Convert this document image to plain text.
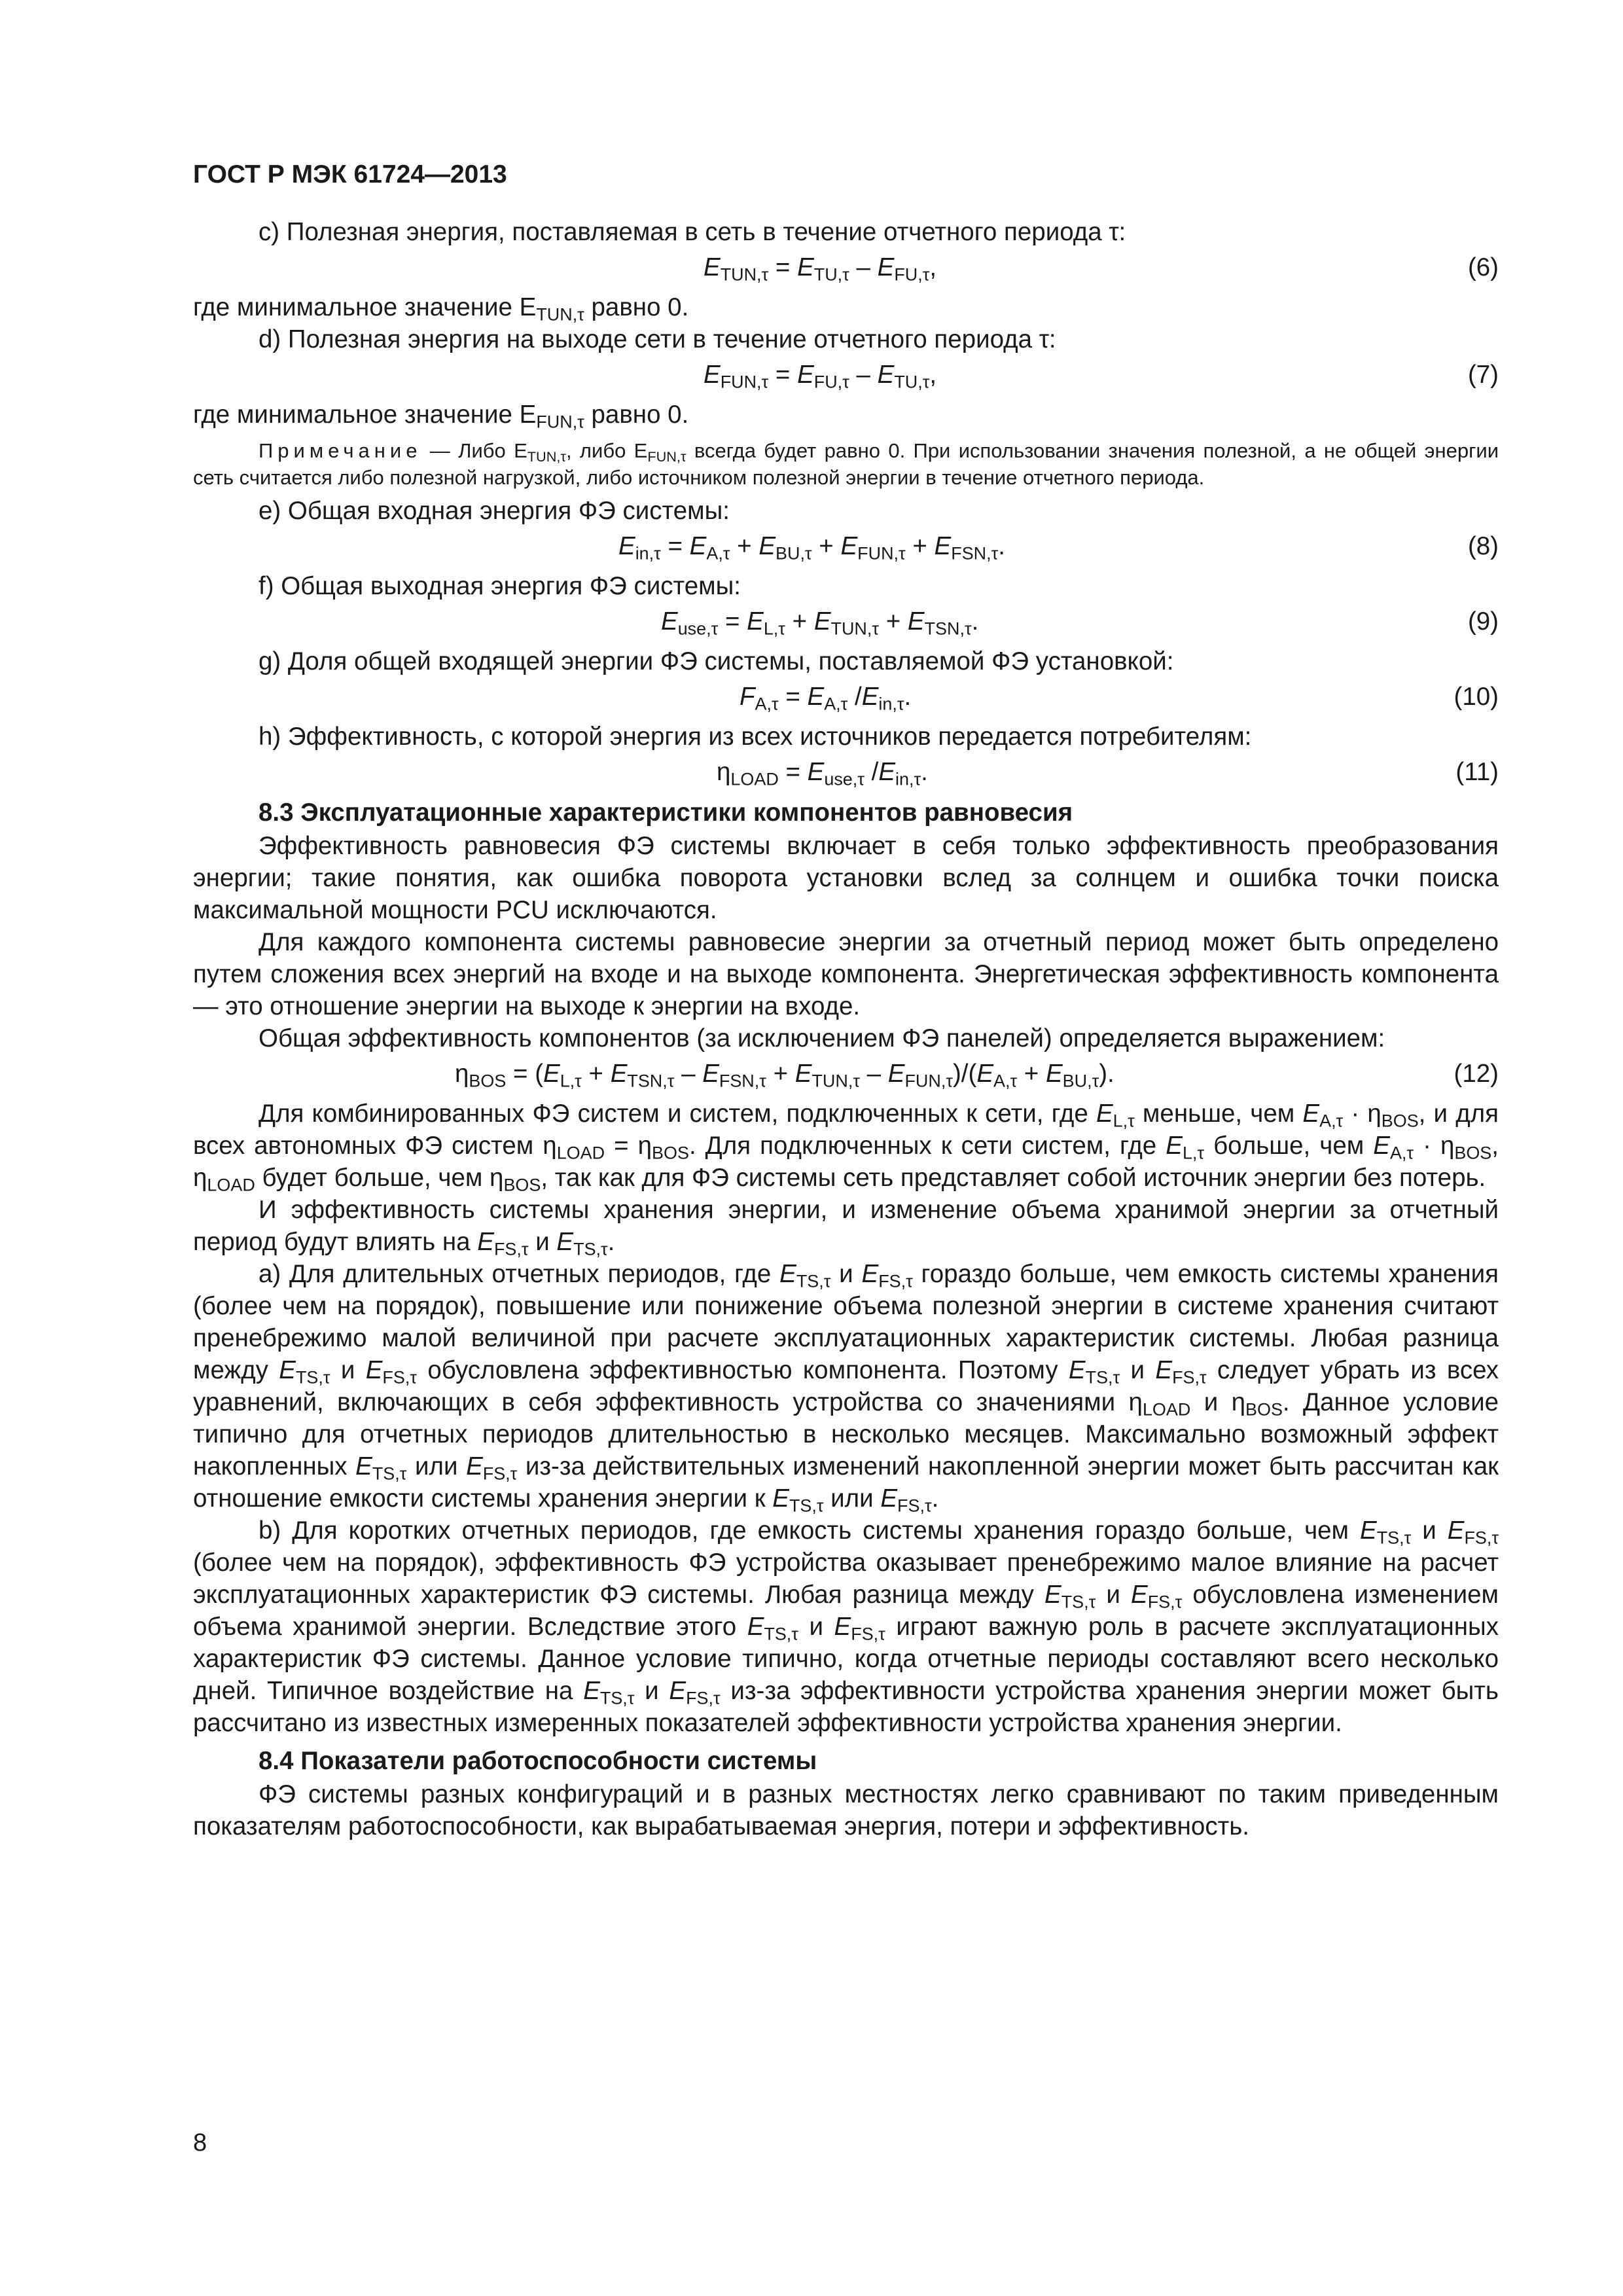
ГОСТ Р МЭК 61724—2013

c) Полезная энергия, поставляемая в сеть в течение отчетного периода τ:

$E_{TUN,\tau} = E_{TU,\tau} - E_{FU,\tau}$,	(6)

где минимальное значение $E_{TUN,\tau}$ равно 0.

d) Полезная энергия на выходе сети в течение отчетного периода τ:

$E_{FUN,\tau} = E_{FU,\tau} - E_{TU,\tau}$,	(7)

где минимальное значение $E_{FUN,\tau}$ равно 0.

Примечание — Либо $E_{TUN,\tau}$, либо $E_{FUN,\tau}$ всегда будет равно 0. При использовании значения полезной, а не общей энергии сеть считается либо полезной нагрузкой, либо источником полезной энергии в течение отчетного периода.

e) Общая входная энергия ФЭ системы:

$E_{in,\tau} = E_{A,\tau} + E_{BU,\tau} + E_{FUN,\tau} + E_{FSN,\tau}$.	(8)

f) Общая выходная энергия ФЭ системы:

$E_{use,\tau} = E_{L,\tau} + E_{TUN,\tau} + E_{TSN,\tau}$.	(9)

g) Доля общей входящей энергии ФЭ системы, поставляемой ФЭ установкой:

$F_{A,\tau} = E_{A,\tau}$ $/E_{in,\tau}$.	(10)

h) Эффективность, с которой энергия из всех источников передается потребителям:

$\eta_{LOAD} = E_{use,\tau}$ $/E_{in,\tau}$.	(11)

8.3 Эксплуатационные характеристики компонентов равновесия

Эффективность равновесия ФЭ системы включает в себя только эффективность преобразования энергии; такие понятия, как ошибка поворота установки вслед за солнцем и ошибка точки поиска максимальной мощности PCU исключаются.

Для каждого компонента системы равновесие энергии за отчетный период может быть определено путем сложения всех энергий на входе и на выходе компонента. Энергетическая эффективность компонента — это отношение энергии на выходе к энергии на входе.

Общая эффективность компонентов (за исключением ФЭ панелей) определяется выражением:

$\eta_{BOS} = (E_{L,\tau} + E_{TSN,\tau} - E_{FSN,\tau} + E_{TUN,\tau} - E_{FUN,\tau})/(E_{A,\tau} + E_{BU,\tau})$.	(12)

Для комбинированных ФЭ систем и систем, подключенных к сети, где $E_{L,\tau}$ меньше, чем $E_{A,\tau} \cdot \eta_{BOS}$, и для всех автономных ФЭ систем $\eta_{LOAD} = \eta_{BOS}$. Для подключенных к сети систем, где $E_{L,\tau}$ больше, чем $E_{A,\tau} \cdot \eta_{BOS}$, $\eta_{LOAD}$ будет больше, чем $\eta_{BOS}$, так как для ФЭ системы сеть представляет собой источник энергии без потерь.

И эффективность системы хранения энергии, и изменение объема хранимой энергии за отчетный период будут влиять на $E_{FS,\tau}$ и $E_{TS,\tau}$.

а) Для длительных отчетных периодов, где $E_{TS,\tau}$ и $E_{FS,\tau}$ гораздо больше, чем емкость системы хранения (более чем на порядок), повышение или понижение объема полезной энергии в системе хранения считают пренебрежимо малой величиной при расчете эксплуатационных характеристик системы. Любая разница между $E_{TS,\tau}$ и $E_{FS,\tau}$ обусловлена эффективностью компонента. Поэтому $E_{TS,\tau}$ и $E_{FS,\tau}$ следует убрать из всех уравнений, включающих в себя эффективность устройства со значениями $\eta_{LOAD}$ и $\eta_{BOS}$. Данное условие типично для отчетных периодов длительностью в несколько месяцев. Максимально возможный эффект накопленных $E_{TS,\tau}$ или $E_{FS,\tau}$ из-за действительных изменений накопленной энергии может быть рассчитан как отношение емкости системы хранения энергии к $E_{TS,\tau}$ или $E_{FS,\tau}$.

b) Для коротких отчетных периодов, где емкость системы хранения гораздо больше, чем $E_{TS,\tau}$ и $E_{FS,\tau}$ (более чем на порядок), эффективность ФЭ устройства оказывает пренебрежимо малое влияние на расчет эксплуатационных характеристик ФЭ системы. Любая разница между $E_{TS,\tau}$ и $E_{FS,\tau}$ обусловлена изменением объема хранимой энергии. Вследствие этого $E_{TS,\tau}$ и $E_{FS,\tau}$ играют важную роль в расчете эксплуатационных характеристик ФЭ системы. Данное условие типично, когда отчетные периоды составляют всего несколько дней. Типичное воздействие на $E_{TS,\tau}$ и $E_{FS,\tau}$ из-за эффективности устройства хранения энергии может быть рассчитано из известных измеренных показателей эффективности устройства хранения энергии.

8.4 Показатели работоспособности системы

ФЭ системы разных конфигураций и в разных местностях легко сравнивают по таким приведенным показателям работоспособности, как вырабатываемая энергия, потери и эффективность.

8
